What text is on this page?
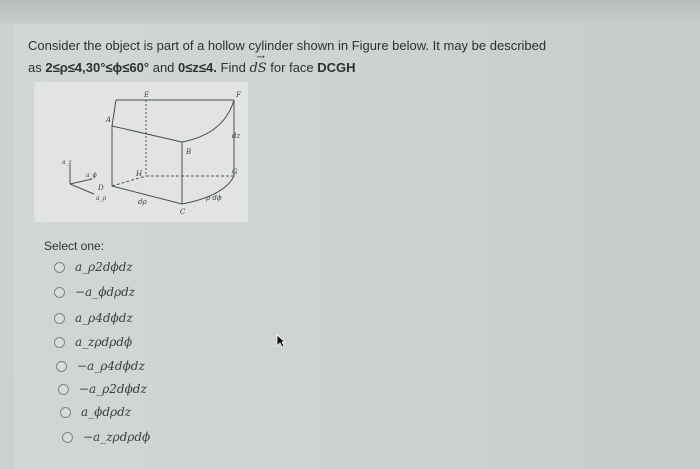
Consider the object is part of a hollow cylinder shown in Figure below. It may be described
as 2≤ρ≤4,30°≤ϕ≤60° and 0≤z≤4. Find
→
dS for face DCGH
E	F
A
B
H	G
D
C
dz
dρ	ρ dϕ
a_z
a_ϕ
a_ρ
Select one:
a_ρ2dϕdz
−a_ϕdρdz
a_ρ4dϕdz
a_zρdρdϕ
−a_ρ4dϕdz
−a_ρ2dϕdz
a_ϕdρdz
−a_zρdρdϕ
